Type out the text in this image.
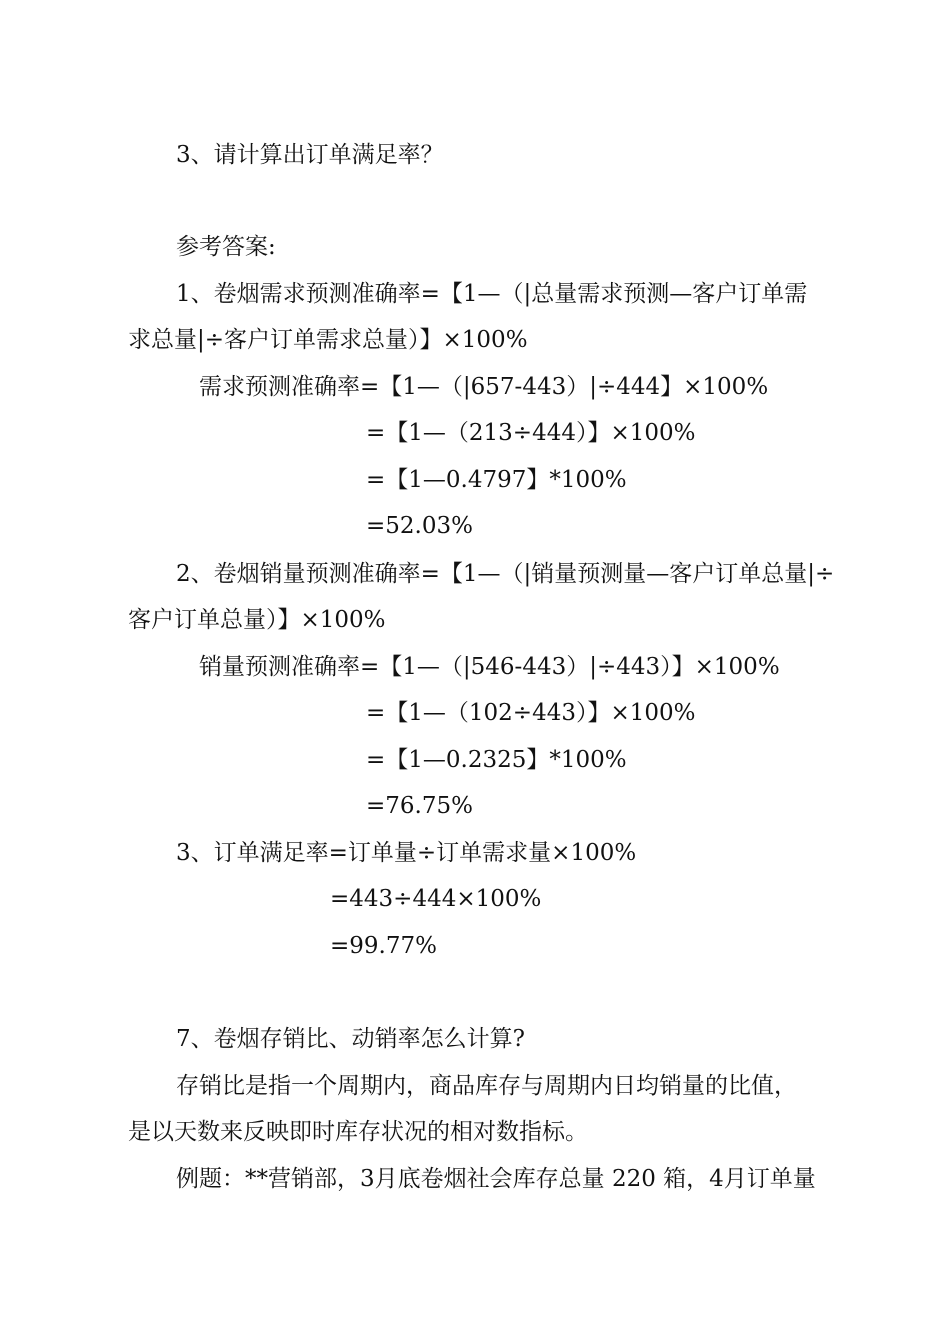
3、请计算出订单满足率？
参考答案:
1、卷烟需求预测准确率=【1—（|总量需求预测—客户订单需
求总量|÷客户订单需求总量）】×100%
需求预测准确率=【1—（|657-443）|÷444】×100%
=【1—（213÷444）】×100%
=【1—0.4797】*100%
=52.03%
2、卷烟销量预测准确率=【1—（|销量预测量—客户订单总量|÷
客户订单总量）】×100%
销量预测准确率=【1—（|546-443）|÷443）】×100%
=【1—（102÷443）】×100%
=【1—0.2325】*100%
=76.75%
3、订单满足率=订单量÷订单需求量×100%
=443÷444×100%
=99.77%
7、卷烟存销比、动销率怎么计算?
存销比是指一个周期内，商品库存与周期内日均销量的比值，
是以天数来反映即时库存状况的相对数指标。
例题：**营销部，3月底卷烟社会库存总量 220 箱，4月订单量
